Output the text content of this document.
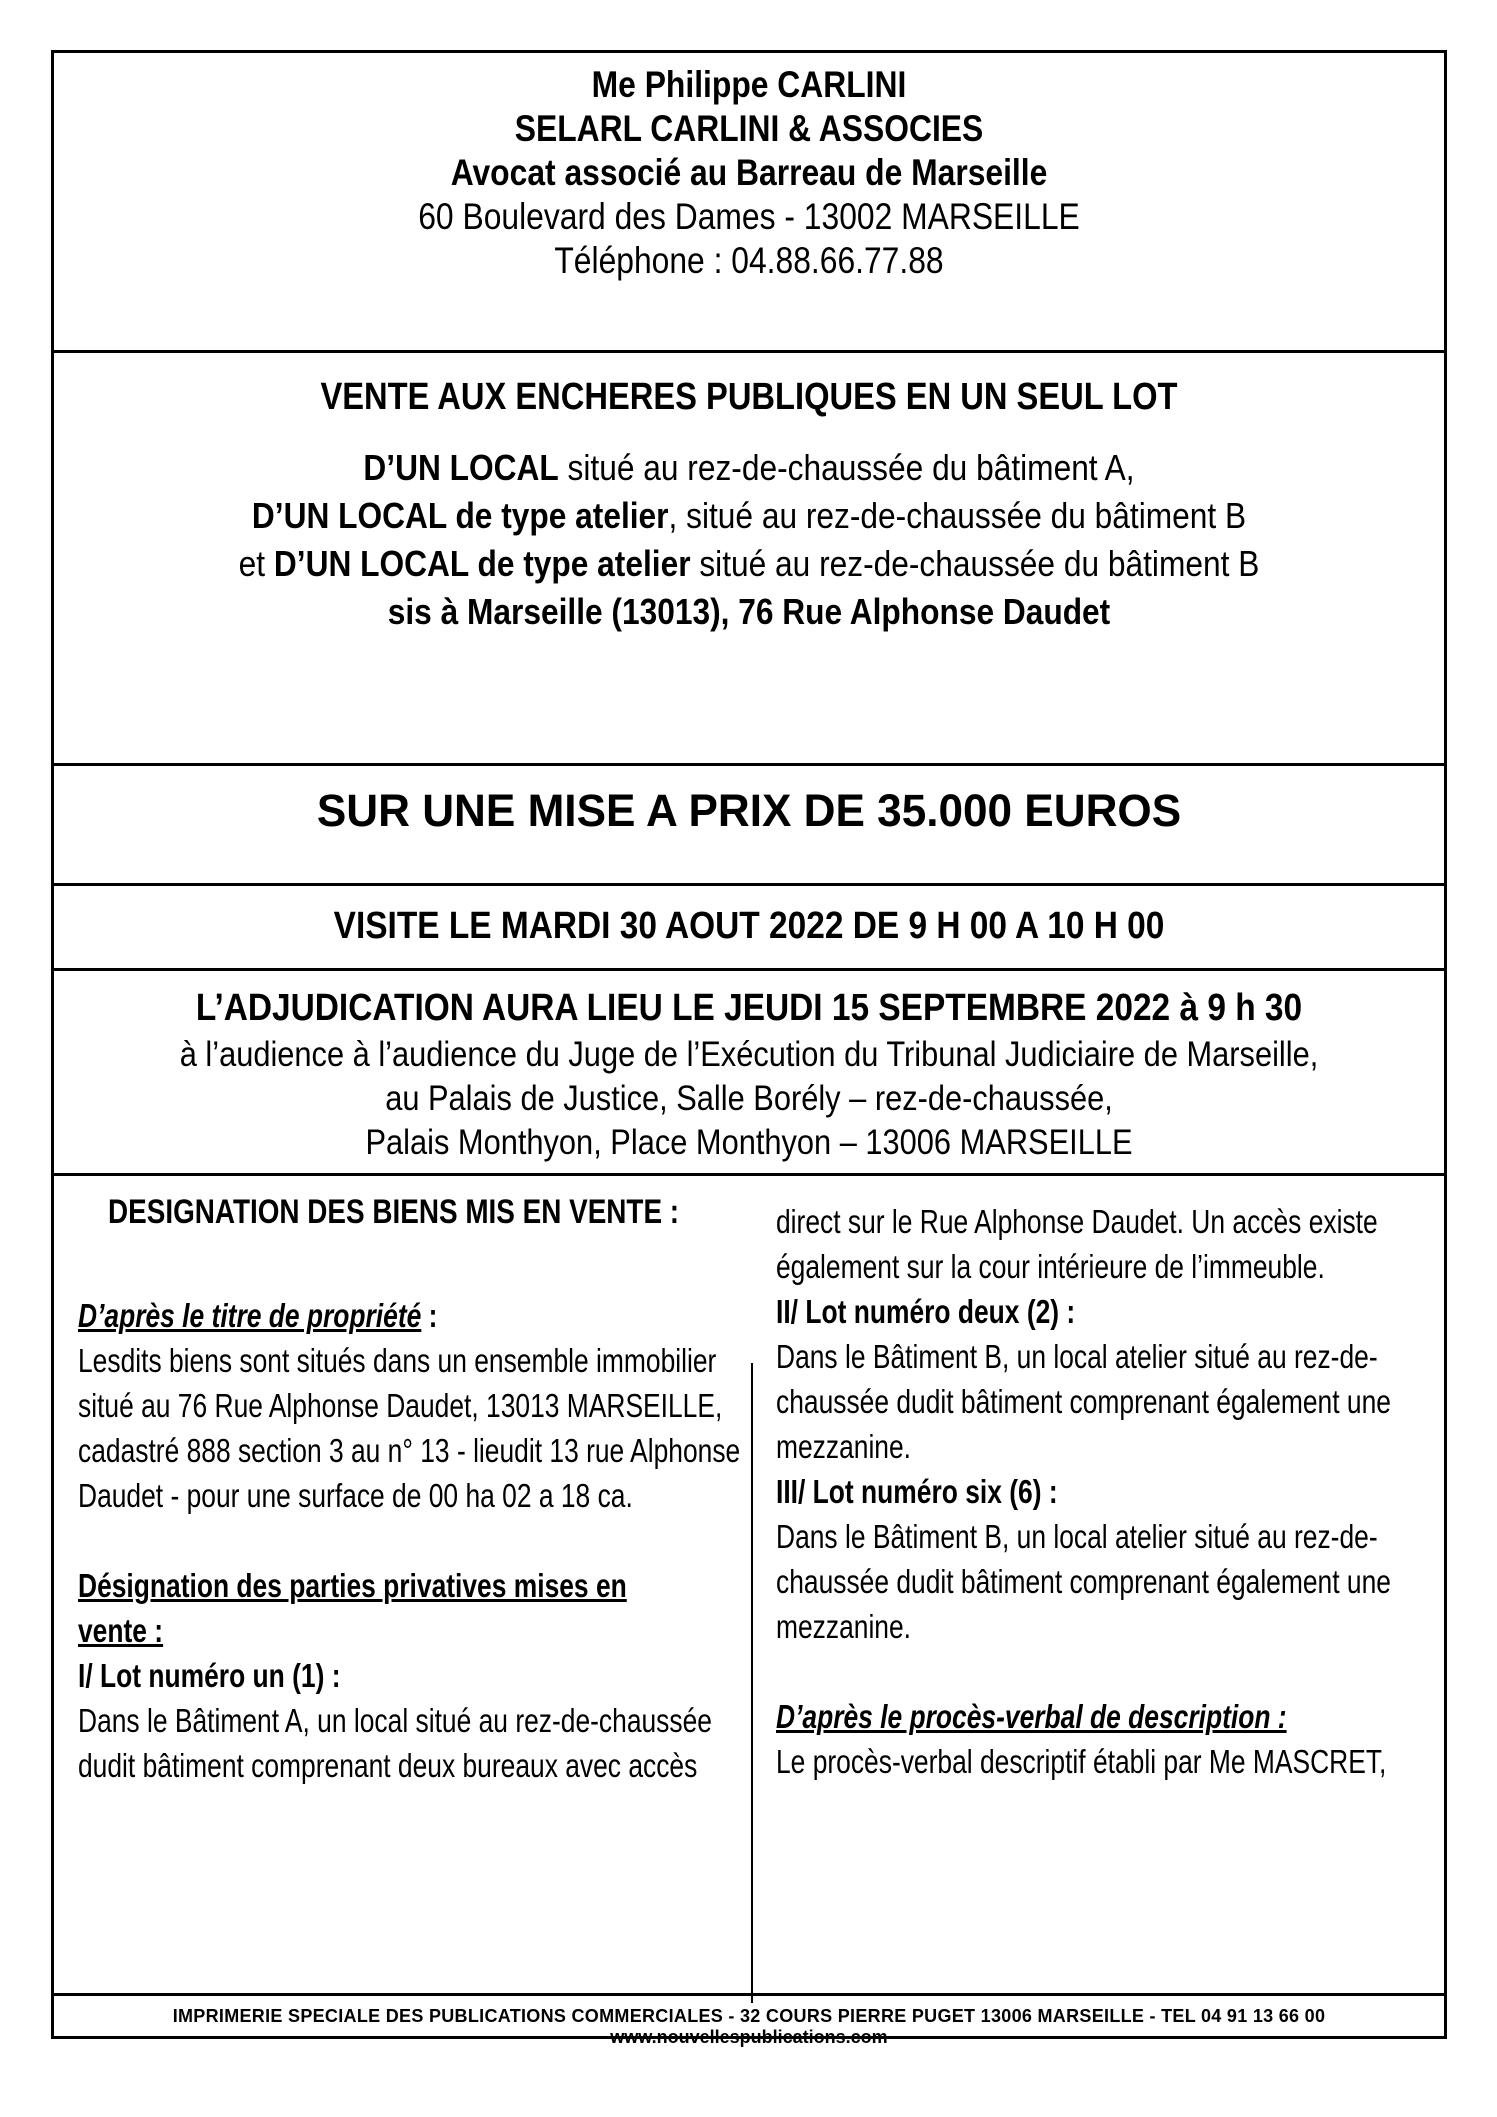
Me Philippe CARLINI
SELARL CARLINI & ASSOCIES
Avocat associé au Barreau de Marseille
60 Boulevard des Dames - 13002 MARSEILLE
Téléphone : 04.88.66.77.88
VENTE AUX ENCHERES PUBLIQUES EN UN SEUL LOT
D’UN LOCAL situé au rez-de-chaussée du bâtiment A,
D’UN LOCAL de type atelier, situé au rez-de-chaussée du bâtiment B
et D’UN LOCAL de type atelier situé au rez-de-chaussée du bâtiment B
sis à Marseille (13013), 76 Rue Alphonse Daudet
SUR UNE MISE A PRIX DE 35.000 EUROS
VISITE LE MARDI 30 AOUT 2022 DE 9 H 00 A 10 H 00
L’ADJUDICATION AURA LIEU LE JEUDI 15 SEPTEMBRE 2022 à 9 h 30
à l’audience à l’audience du Juge de l’Exécution du Tribunal Judiciaire de Marseille,
au Palais de Justice, Salle Borély – rez-de-chaussée,
Palais Monthyon, Place Monthyon – 13006 MARSEILLE
DESIGNATION DES BIENS MIS EN VENTE :
D’après le titre de propriété :
Lesdits biens sont situés dans un ensemble immobilier
situé au 76 Rue Alphonse Daudet, 13013 MARSEILLE,
cadastré 888 section 3 au n° 13 - lieudit 13 rue Alphonse
Daudet - pour une surface de 00 ha 02 a 18 ca.
Désignation des parties privatives mises en
vente :
I/ Lot numéro un (1) :
Dans le Bâtiment A, un local situé au rez-de-chaussée
dudit bâtiment comprenant deux bureaux avec accès
direct sur le Rue Alphonse Daudet. Un accès existe
également sur la cour intérieure de l’immeuble.
II/ Lot numéro deux (2) :
Dans le Bâtiment B, un local atelier situé au rez-de-
chaussée dudit bâtiment comprenant également une
mezzanine.
III/ Lot numéro six (6) :
Dans le Bâtiment B, un local atelier situé au rez-de-
chaussée dudit bâtiment comprenant également une
mezzanine.
D’après le procès-verbal de description :
Le procès-verbal descriptif établi par Me MASCRET,
IMPRIMERIE SPECIALE DES PUBLICATIONS COMMERCIALES - 32 COURS PIERRE PUGET 13006 MARSEILLE - TEL 04 91 13 66 00
www.nouvellespublications.com
